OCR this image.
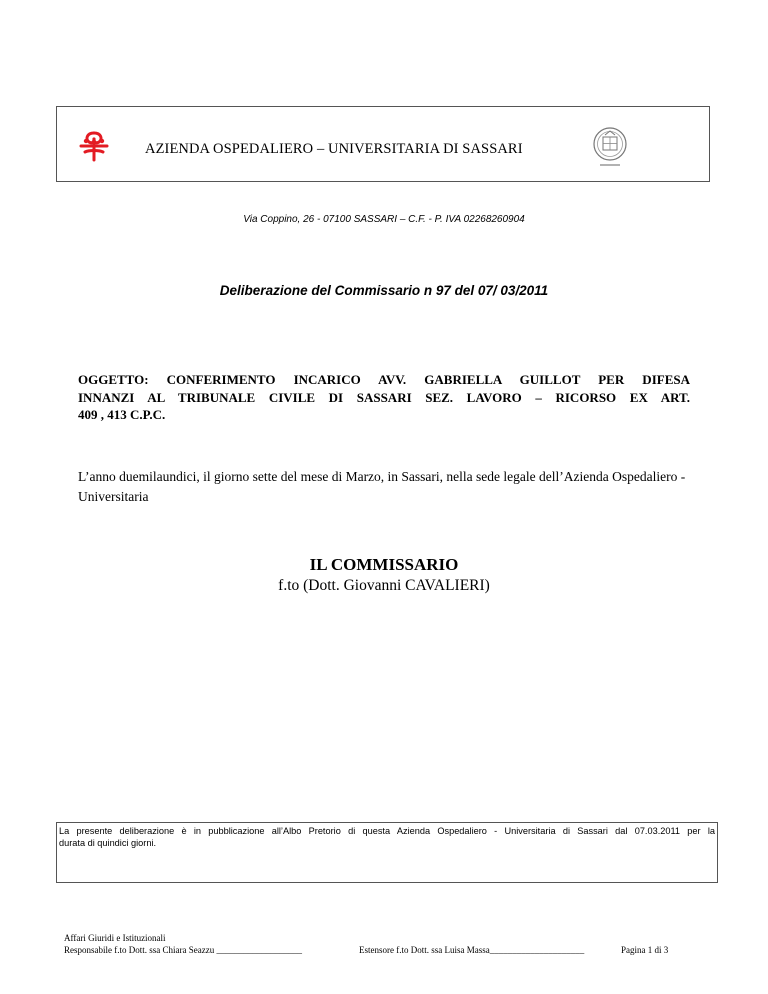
AZIENDA OSPEDALIERO – UNIVERSITARIA DI SASSARI
Via Coppino, 26 - 07100 SASSARI – C.F. - P. IVA 02268260904
Deliberazione del Commissario n 97 del 07/ 03/2011
OGGETTO: CONFERIMENTO INCARICO AVV. GABRIELLA GUILLOT PER DIFESA
INNANZI AL TRIBUNALE CIVILE DI SASSARI SEZ. LAVORO – RICORSO EX ART.
409 , 413 C.P.C.
L’anno duemilaundici, il giorno sette del mese di Marzo, in Sassari, nella sede legale dell’Azienda Ospedaliero - Universitaria
IL COMMISSARIO
f.to (Dott. Giovanni CAVALIERI)
La presente deliberazione è in pubblicazione all’Albo Pretorio di questa Azienda Ospedaliero - Universitaria di Sassari dal 07.03.2011 per la
durata di quindici giorni.
Affari Giuridi e Istituzionali
Responsabile f.to Dott. ssa Chiara Seazzu ___________________	Estensore f.to Dott. ssa Luisa Massa_____________________	Pagina 1 di 3
